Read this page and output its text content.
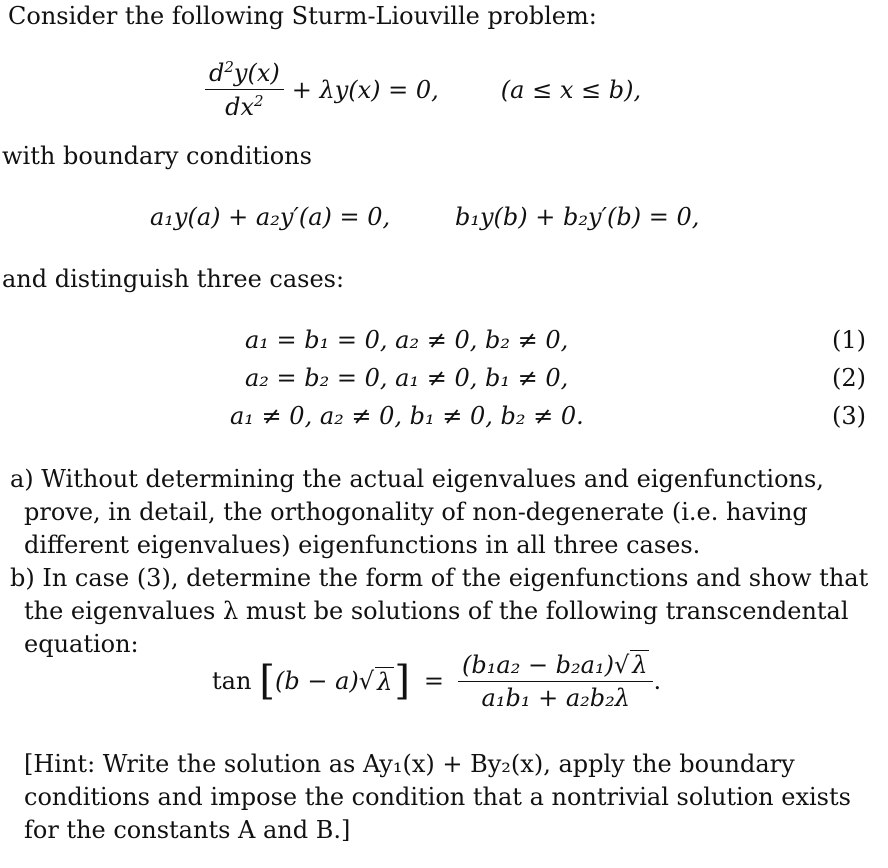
Consider the following Sturm-Liouville problem:
$\frac{d^2y(x)}{dx^2} + \lambda y(x) = 0$,	(a ≤ x ≤ b),
with boundary conditions
a₁y(a) + a₂y′(a) = 0,	b₁y(b) + b₂y′(b) = 0,
and distinguish three cases:
a₁ = b₁ = 0, a₂ ≠ 0, b₂ ≠ 0,	(1)
a₂ = b₂ = 0, a₁ ≠ 0, b₁ ≠ 0,	(2)
a₁ ≠ 0, a₂ ≠ 0, b₁ ≠ 0, b₂ ≠ 0.	(3)
a) Without determining the actual eigenvalues and eigenfunctions, prove, in detail, the orthogonality of non-degenerate (i.e. having different eigenvalues) eigenfunctions in all three cases.
b) In case (3), determine the form of the eigenfunctions and show that the eigenvalues λ must be solutions of the following transcendental equation:
tan [ (b − a) √ λ ] = $\frac{\text{(b₁a₂ − b₂a₁)√ λ}}{\text{a₁b₁ + a₂b₂λ}}$ .
[Hint: Write the solution as Ay₁(x) + By₂(x), apply the boundary conditions and impose the condition that a nontrivial solution exists for the constants A and B.]
